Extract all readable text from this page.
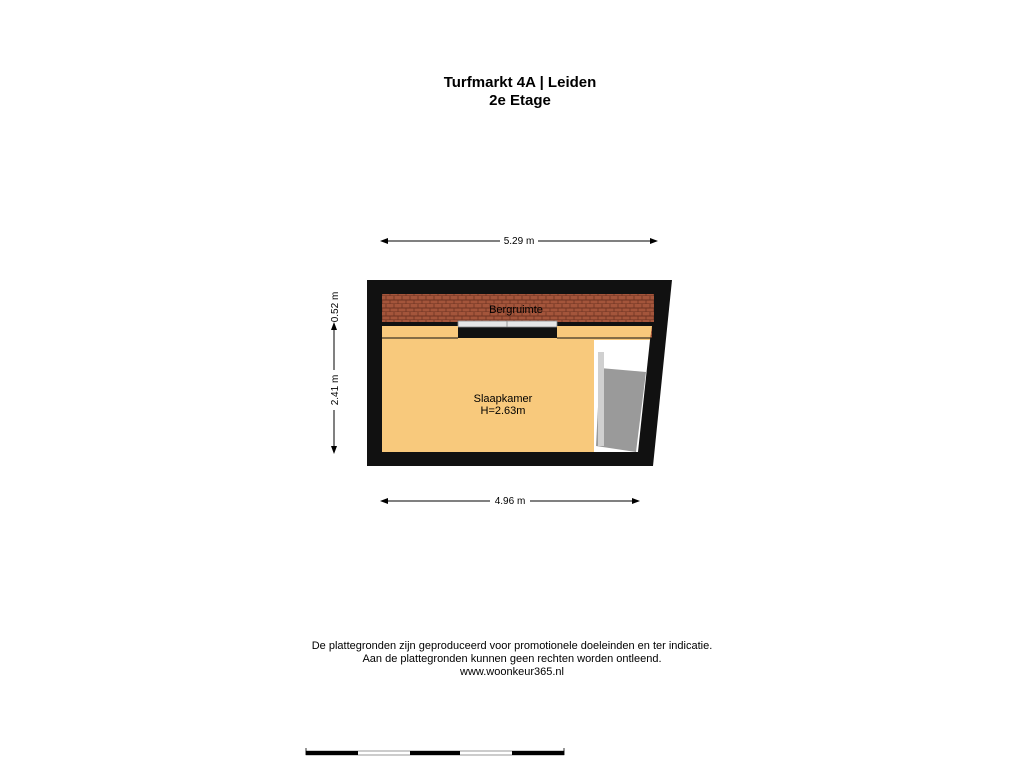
Turfmarkt 4A | Leiden
2e Etage
5.29 m
0.52 m
2.41 m
Bergruimte
Slaapkamer
H=2.63m
4.96 m
De plattegronden zijn geproduceerd voor promotionele doeleinden en ter indicatie.
Aan de plattegronden kunnen geen rechten worden ontleend.
www.woonkeur365.nl
